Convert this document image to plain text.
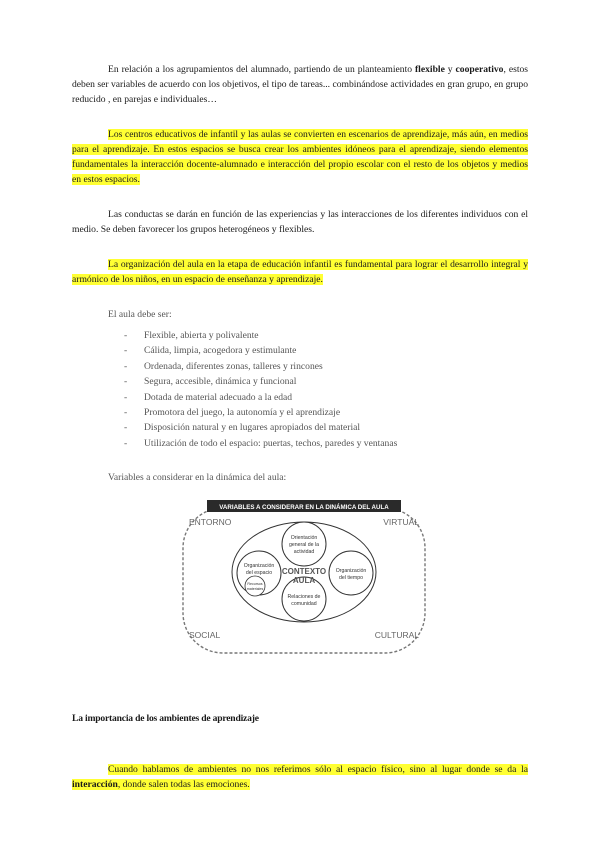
En relación a los agrupamientos del alumnado, partiendo de un planteamiento flexible y cooperativo, estos deben ser variables de acuerdo con los objetivos, el tipo de tareas... combinándose actividades en gran grupo, en grupo reducido , en parejas e individuales…

Los centros educativos de infantil y las aulas se convierten en escenarios de aprendizaje, más aún, en medios para el aprendizaje. En estos espacios se busca crear los ambientes idóneos para el aprendizaje, siendo elementos fundamentales la interacción docente-alumnado e interacción del propio escolar con el resto de los objetos y medios en estos espacios.

Las conductas se darán en función de las experiencias y las interacciones de los diferentes individuos con el medio. Se deben favorecer los grupos heterogéneos y flexibles.

La organización del aula en la etapa de educación infantil es fundamental para lograr el desarrollo integral y armónico de los niños, en un espacio de enseñanza y aprendizaje.

El aula debe ser:

- Flexible, abierta y polivalente
- Cálida, limpia, acogedora y estimulante
- Ordenada, diferentes zonas, talleres y rincones
- Segura, accesible, dinámica y funcional
- Dotada de material adecuado a la edad
- Promotora del juego, la autonomía y el aprendizaje
- Disposición natural y en lugares apropiados del material
- Utilización de todo el espacio: puertas, techos, paredes y ventanas

Variables a considerar en la dinámica del aula:

La importancia de los ambientes de aprendizaje

Cuando hablamos de ambientes no nos referimos sólo al espacio físico, sino al lugar donde se da la interacción, donde salen todas las emociones.

VARIABLES A CONSIDERAR EN LA DINÁMICA DEL AULA
ENTORNO	VIRTUAL
SOCIAL	CULTURAL
CONTEXTO
AULA
Orientación
general de la
actividad
Organización
del espacio
Recursos
materiales
Organización
del tiempo
Relaciones de
comunidad
